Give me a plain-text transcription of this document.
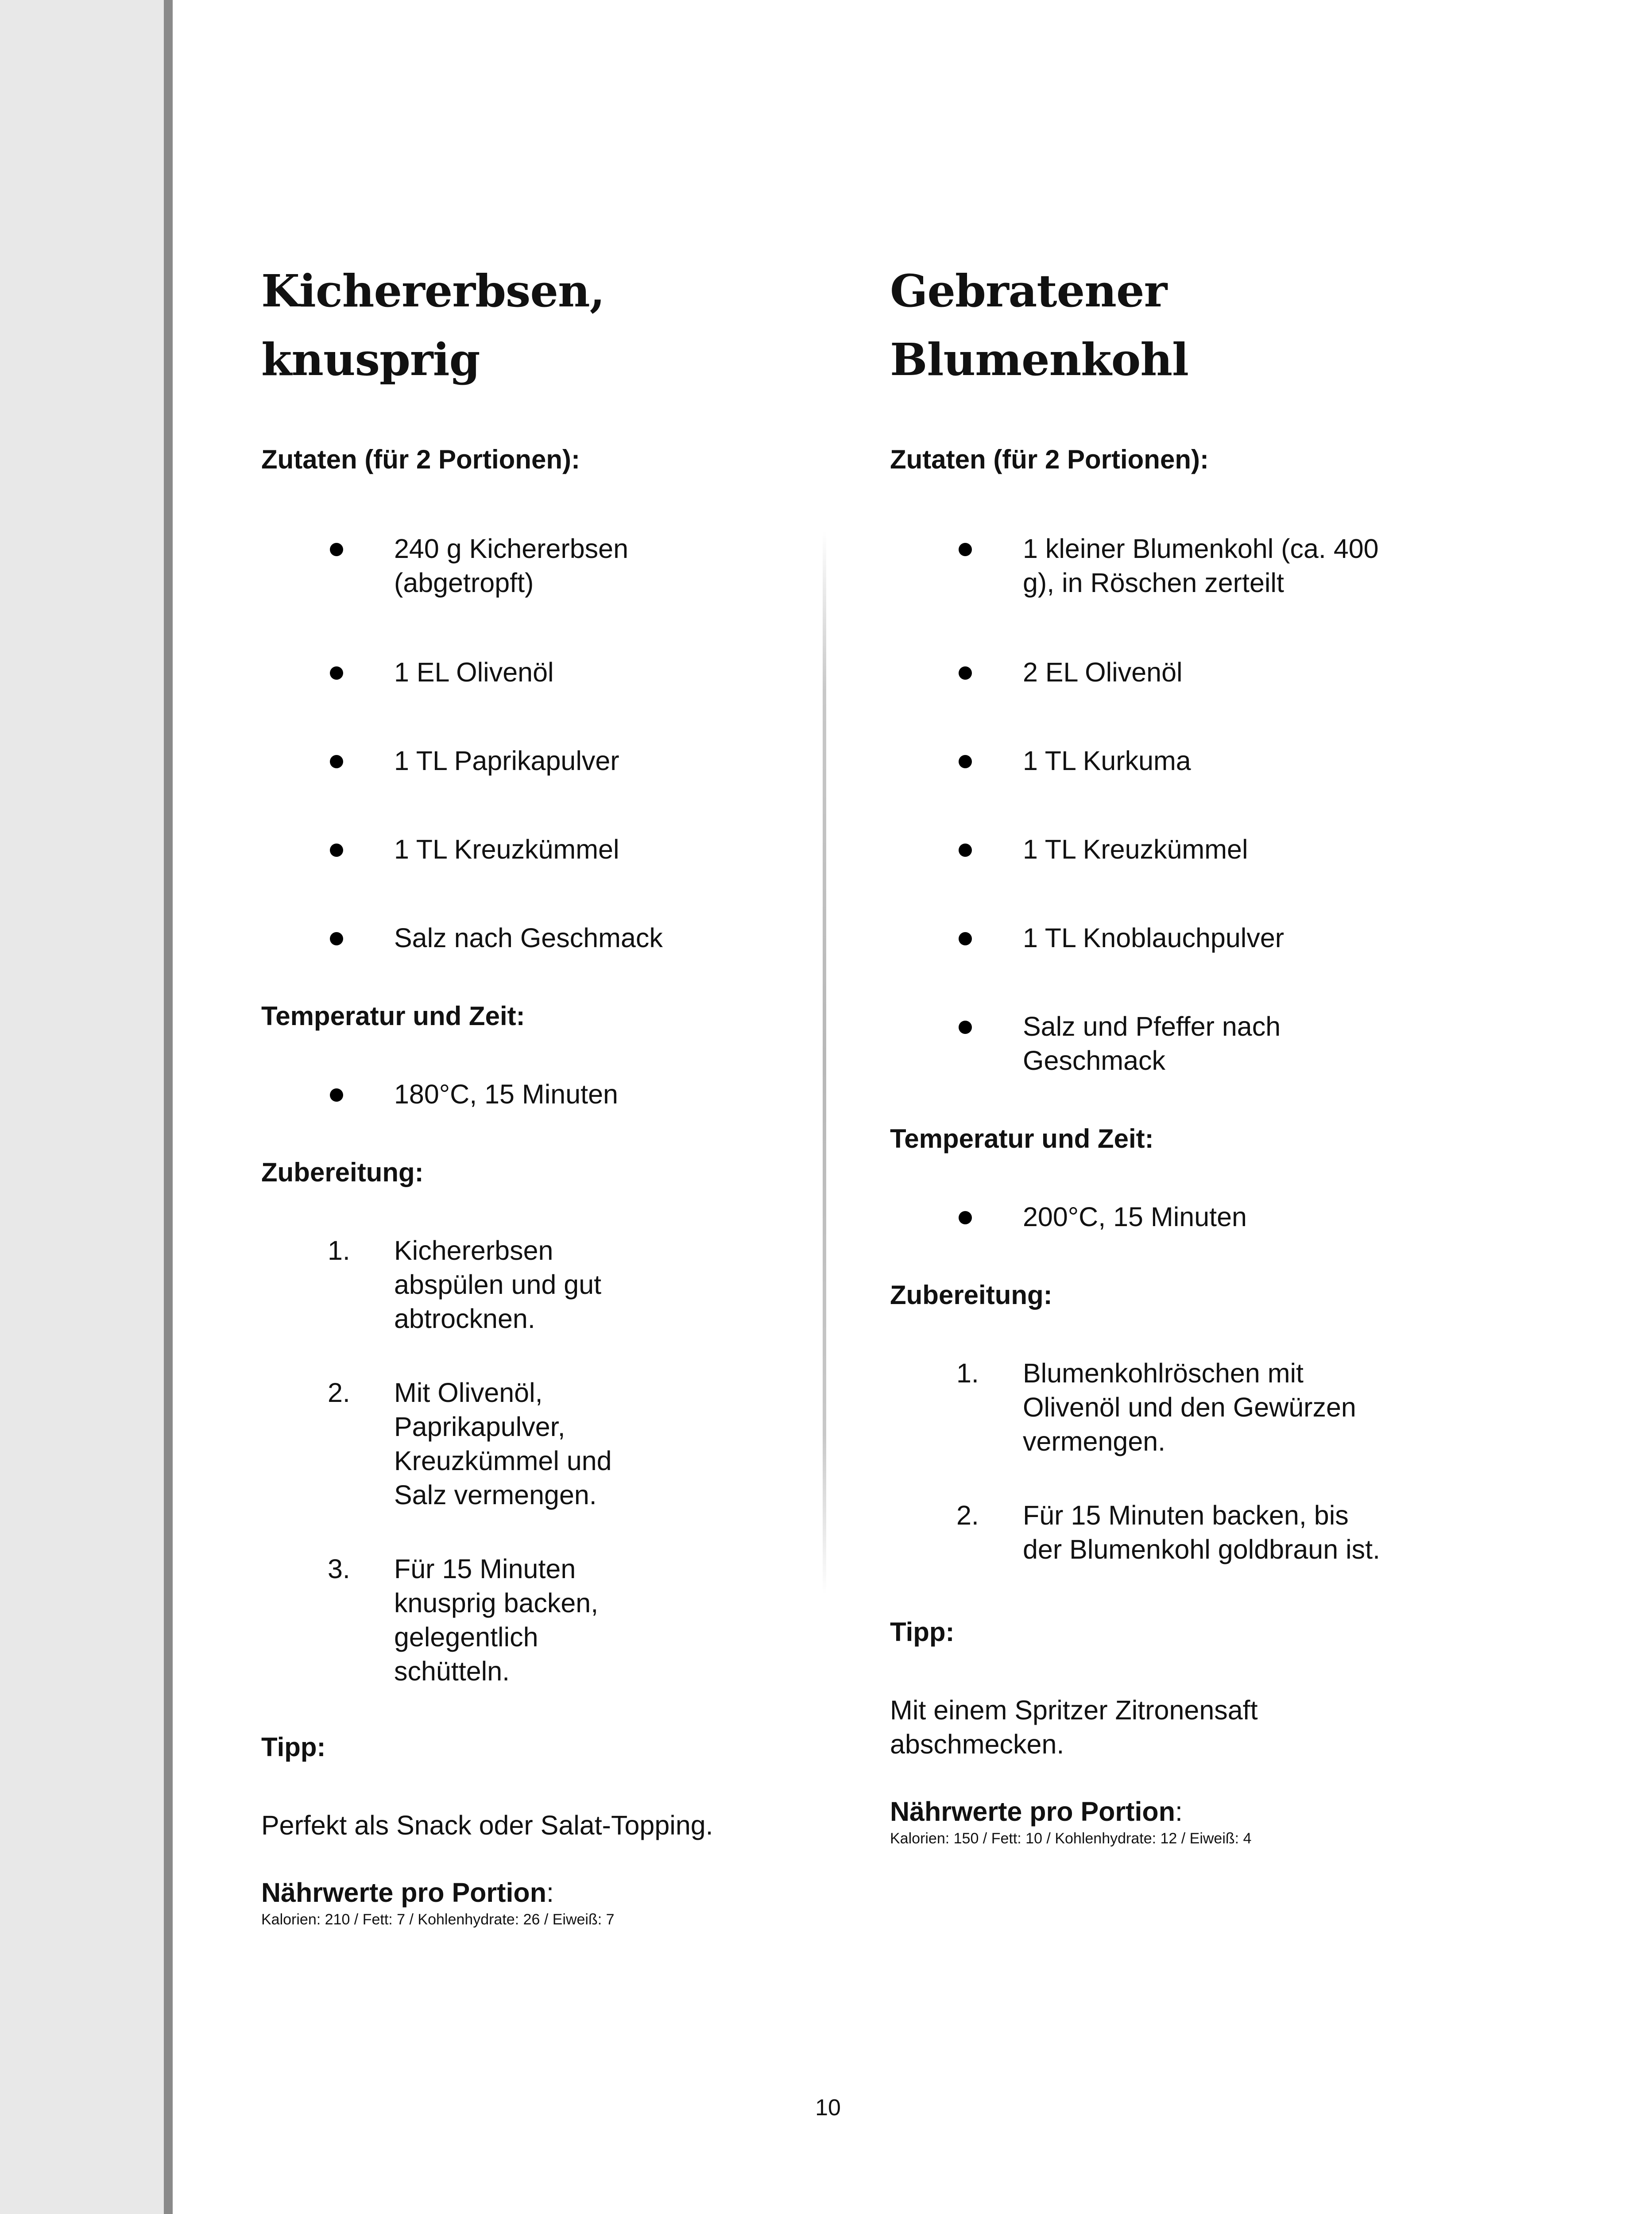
Kichererbsen,
knusprig

Zutaten (für 2 Portionen):

240 g Kichererbsen (abgetropft)
1 EL Olivenöl
1 TL Paprikapulver
1 TL Kreuzkümmel
Salz nach Geschmack

Temperatur und Zeit:

180°C, 15 Minuten

Zubereitung:

1. Kichererbsen abspülen und gut abtrocknen.
2. Mit Olivenöl, Paprikapulver, Kreuzkümmel und Salz vermengen.
3. Für 15 Minuten knusprig backen, gelegentlich schütteln.

Tipp:

Perfekt als Snack oder Salat-Topping.

Nährwerte pro Portion:

Kalorien: 210 / Fett: 7 / Kohlenhydrate: 26 / Eiweiß: 7

Gebratener
Blumenkohl

Zutaten (für 2 Portionen):

1 kleiner Blumenkohl (ca. 400 g), in Röschen zerteilt
2 EL Olivenöl
1 TL Kurkuma
1 TL Kreuzkümmel
1 TL Knoblauchpulver
Salz und Pfeffer nach Geschmack

Temperatur und Zeit:

200°C, 15 Minuten

Zubereitung:

1. Blumenkohlröschen mit Olivenöl und den Gewürzen vermengen.
2. Für 15 Minuten backen, bis der Blumenkohl goldbraun ist.

Tipp:

Mit einem Spritzer Zitronensaft abschmecken.

Nährwerte pro Portion:

Kalorien: 150 / Fett: 10 / Kohlenhydrate: 12 / Eiweiß: 4

10
